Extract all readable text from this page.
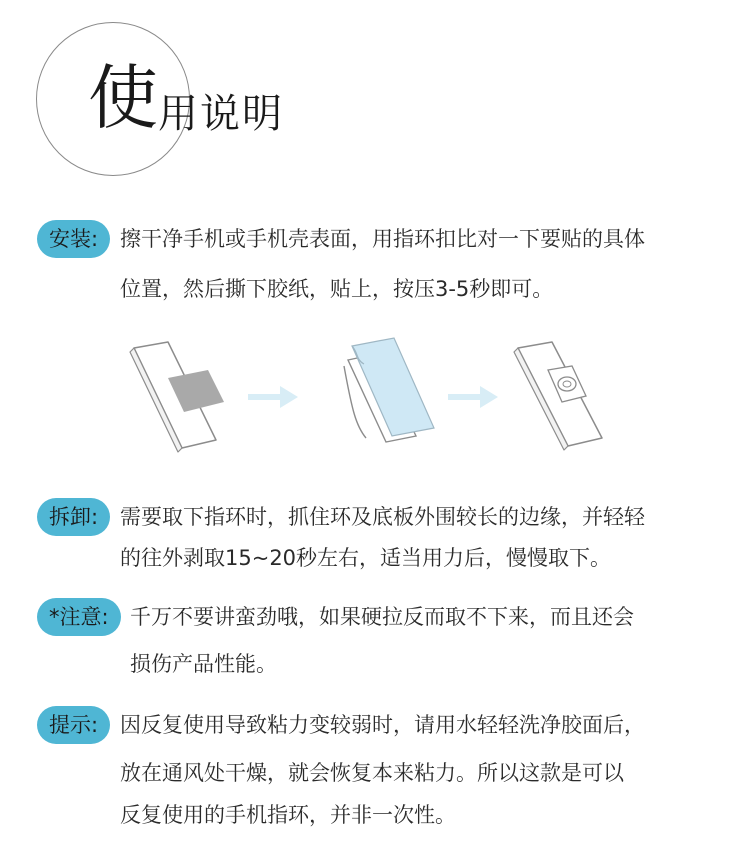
使用说明
安装:	擦干净手机或手机壳表面，用指环扣比对一下要贴的具体
位置，然后撕下胶纸，贴上，按压3-5秒即可。
拆卸:	需要取下指环时，抓住环及底板外围较长的边缘，并轻轻
的往外剥取15~20秒左右，适当用力后，慢慢取下。
*注意:	千万不要讲蛮劲哦，如果硬拉反而取不下来，而且还会
损伤产品性能。
提示:	因反复使用导致粘力变较弱时，请用水轻轻洗净胶面后，
放在通风处干燥，就会恢复本来粘力。所以这款是可以
反复使用的手机指环，并非一次性。
